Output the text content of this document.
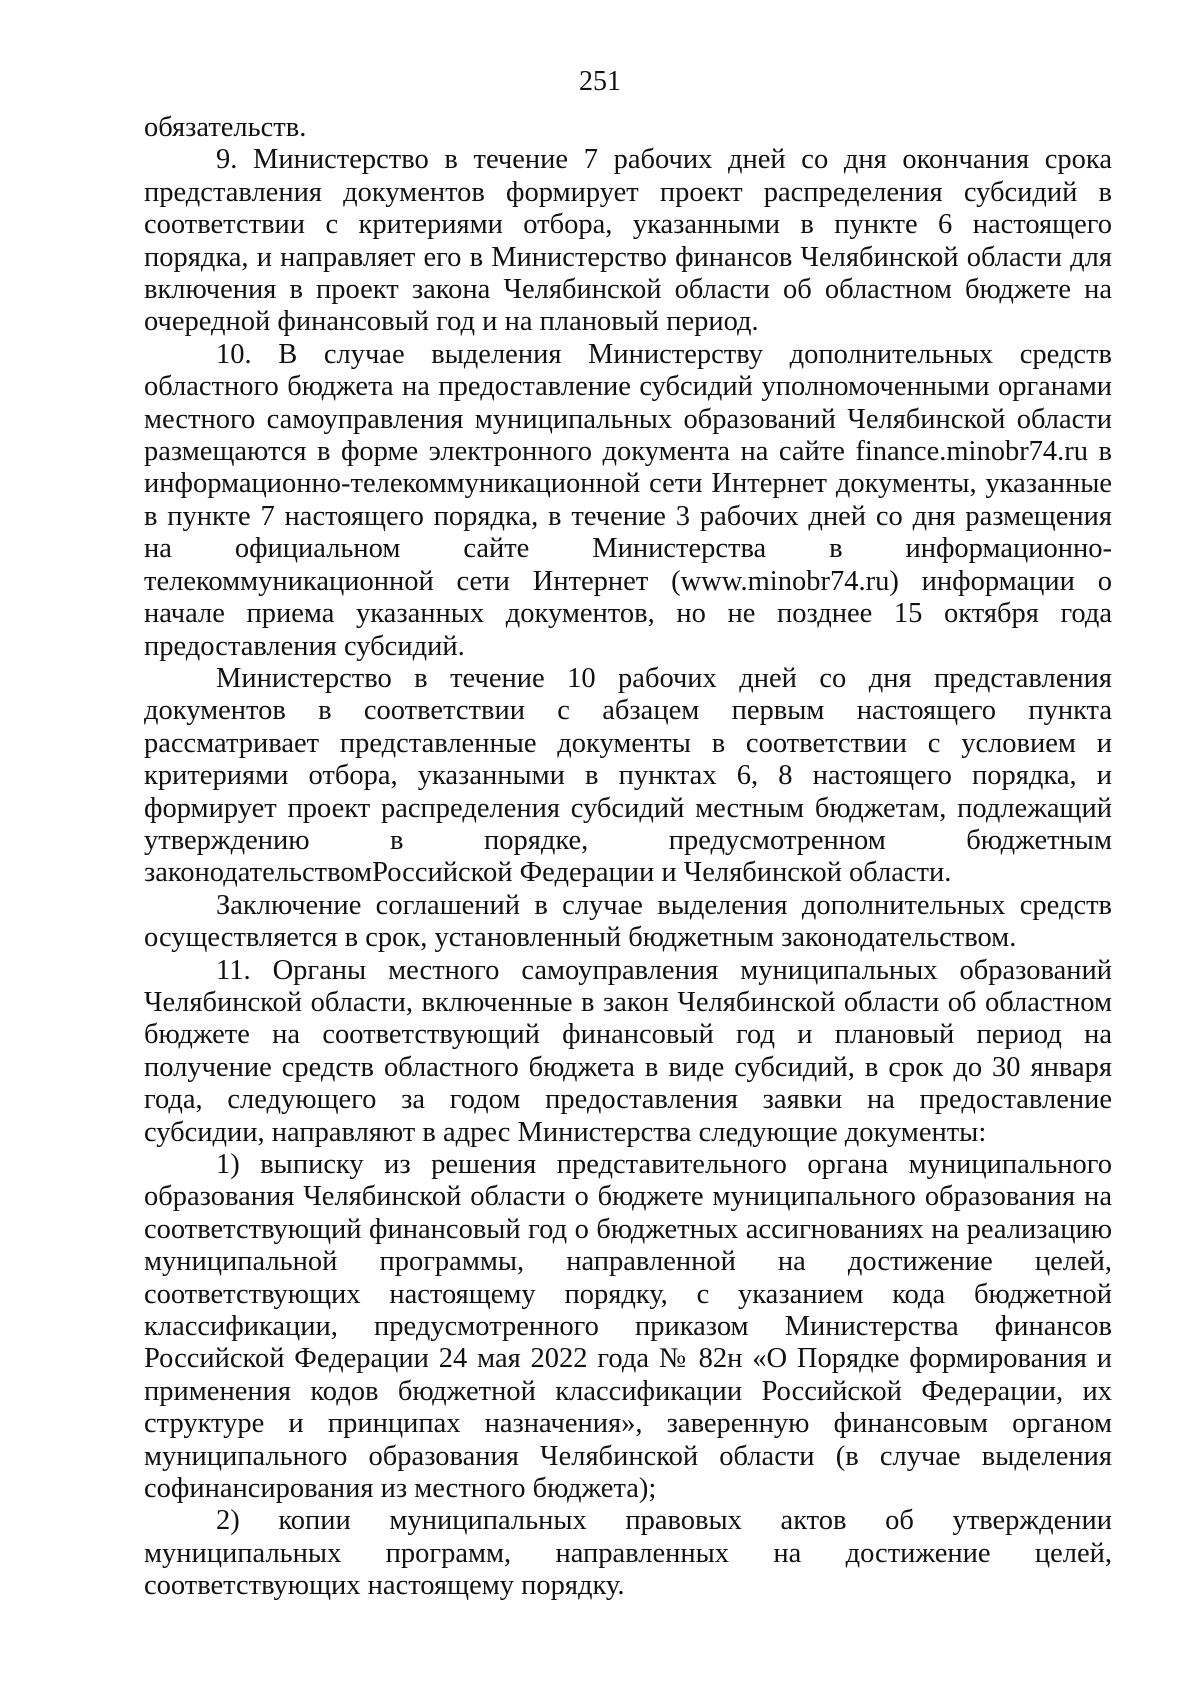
251

обязательств.

9. Министерство в течение 7 рабочих дней со дня окончания срока представления документов формирует проект распределения субсидий в соответствии с критериями отбора, указанными в пункте 6 настоящего порядка, и направляет его в Министерство финансов Челябинской области для включения в проект закона Челябинской области об областном бюджете на очередной финансовый год и на плановый период.

10. В случае выделения Министерству дополнительных средств областного бюджета на предоставление субсидий уполномоченными органами местного самоуправления муниципальных образований Челябинской области размещаются в форме электронного документа на сайте finance.minobr74.ru в информационно-телекоммуникационной сети Интернет документы, указанные в пункте 7 настоящего порядка, в течение 3 рабочих дней со дня размещения на официальном сайте Министерства в информационно-телекоммуникационной сети Интернет (www.minobr74.ru) информации о начале приема указанных документов, но не позднее 15 октября года предоставления субсидий.

Министерство в течение 10 рабочих дней со дня представления документов в соответствии с абзацем первым настоящего пункта рассматривает представленные документы в соответствии с условием и критериями отбора, указанными в пунктах 6, 8 настоящего порядка, и формирует проект распределения субсидий местным бюджетам, подлежащий утверждению в порядке, предусмотренном бюджетным законодательствомРоссийской Федерации и Челябинской области.

Заключение соглашений в случае выделения дополнительных средств осуществляется в срок, установленный бюджетным законодательством.

11. Органы местного самоуправления муниципальных образований Челябинской области, включенные в закон Челябинской области об областном бюджете на соответствующий финансовый год и плановый период на получение средств областного бюджета в виде субсидий, в срок до 30 января года, следующего за годом предоставления заявки на предоставление субсидии, направляют в адрес Министерства следующие документы:

1) выписку из решения представительного органа муниципального образования Челябинской области о бюджете муниципального образования на соответствующий финансовый год о бюджетных ассигнованиях на реализацию муниципальной программы, направленной на достижение целей, соответствующих настоящему порядку, с указанием кода бюджетной классификации, предусмотренного приказом Министерства финансов Российской Федерации 24 мая 2022 года № 82н «О Порядке формирования и применения кодов бюджетной классификации Российской Федерации, их структуре и принципах назначения», заверенную финансовым органом муниципального образования Челябинской области (в случае выделения софинансирования из местного бюджета);

2) копии муниципальных правовых актов об утверждении муниципальных программ, направленных на достижение целей, соответствующих настоящему порядку.
